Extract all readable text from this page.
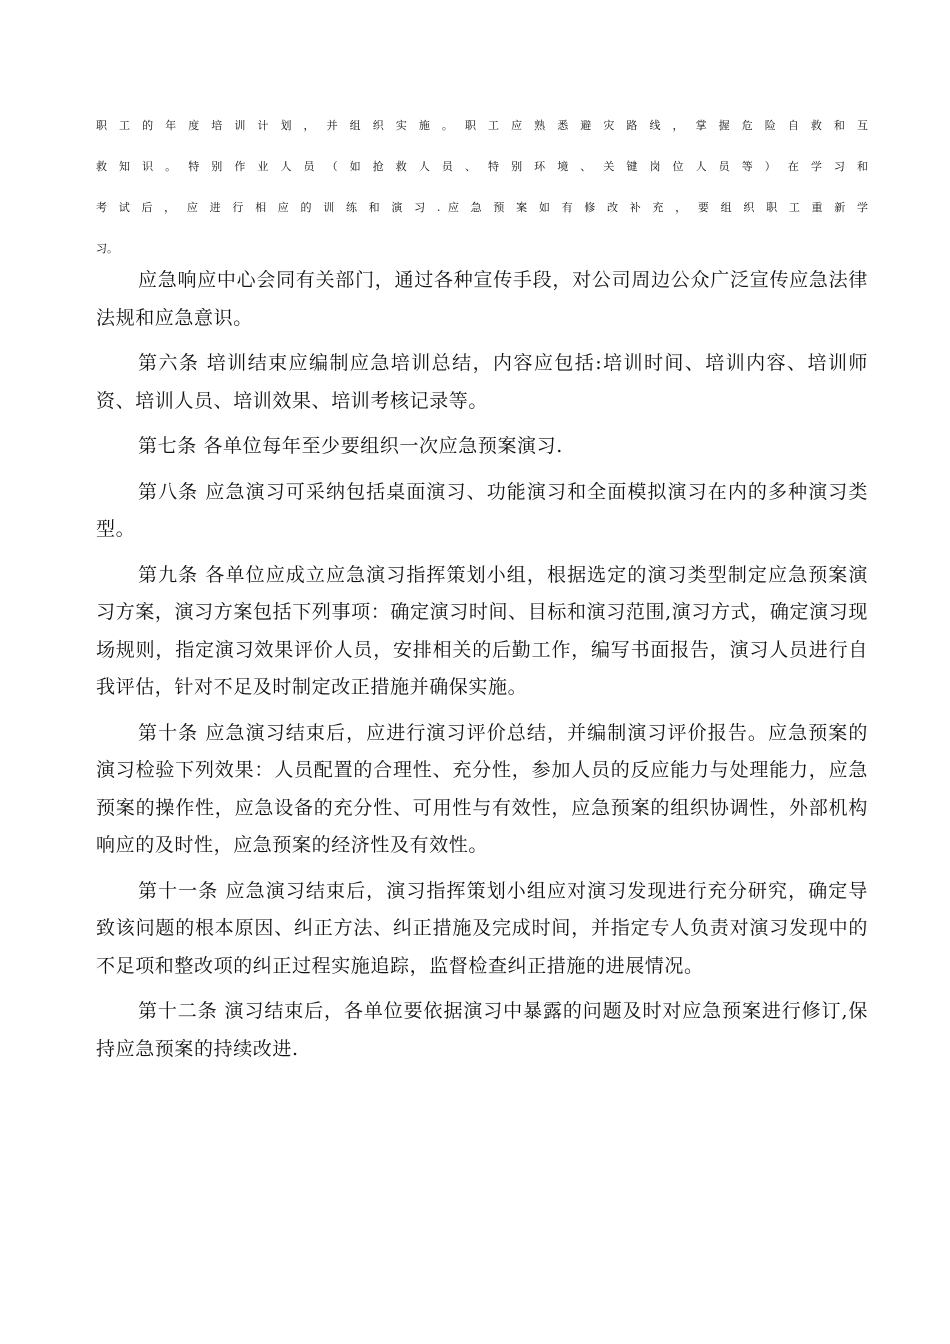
职 工 的 年 度 培 训 计 划 ， 并 组 织 实 施 。 职 工 应 熟 悉 避 灾 路 线 ， 掌 握 危 险 自 救 和 互
救 知 识 。 特 别 作 业 人 员 （ 如 抢 救 人 员 、 特 别 环 境 、 关 键 岗 位 人 员 等 ） 在 学 习 和
考 试 后 ， 应 进 行 相 应 的 训 练 和 演 习 . 应 急 预 案 如 有 修 改 补 充 ， 要 组 织 职 工 重 新 学
习。

应急响应中心会同有关部门，通过各种宣传手段，对公司周边公众广泛宣传应急法律法规和应急意识。

第六条 培训结束应编制应急培训总结，内容应包括:培训时间、培训内容、培训师资、培训人员、培训效果、培训考核记录等。

第七条 各单位每年至少要组织一次应急预案演习.

第八条 应急演习可采纳包括桌面演习、功能演习和全面模拟演习在内的多种演习类型。

第九条 各单位应成立应急演习指挥策划小组，根据选定的演习类型制定应急预案演习方案，演习方案包括下列事项：确定演习时间、目标和演习范围,演习方式，确定演习现场规则，指定演习效果评价人员，安排相关的后勤工作，编写书面报告，演习人员进行自我评估，针对不足及时制定改正措施并确保实施。

第十条 应急演习结束后，应进行演习评价总结，并编制演习评价报告。应急预案的演习检验下列效果：人员配置的合理性、充分性，参加人员的反应能力与处理能力，应急预案的操作性，应急设备的充分性、可用性与有效性，应急预案的组织协调性，外部机构响应的及时性，应急预案的经济性及有效性。

第十一条 应急演习结束后，演习指挥策划小组应对演习发现进行充分研究，确定导致该问题的根本原因、纠正方法、纠正措施及完成时间，并指定专人负责对演习发现中的不足项和整改项的纠正过程实施追踪，监督检查纠正措施的进展情况。

第十二条 演习结束后，各单位要依据演习中暴露的问题及时对应急预案进行修订,保持应急预案的持续改进.
